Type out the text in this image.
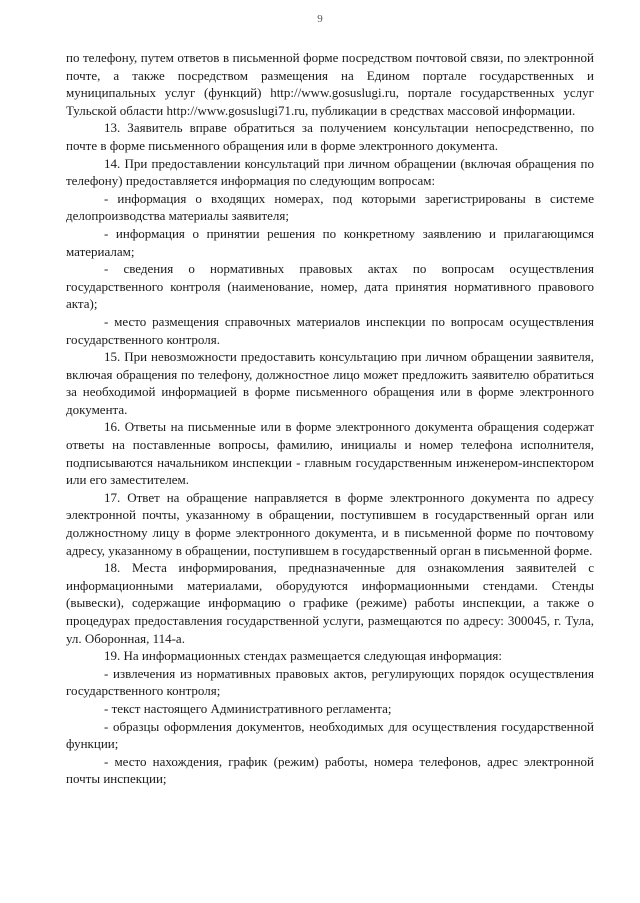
9

по телефону, путем ответов в письменной форме посредством почтовой связи, по электронной почте, а также посредством размещения на Едином портале государственных и муниципальных услуг (функций) http://www.gosuslugi.ru, портале государственных услуг Тульской области http://www.gosuslugi71.ru, публикации в средствах массовой информации.

13. Заявитель вправе обратиться за получением консультации непосредственно, по почте в форме письменного обращения или в форме электронного документа.

14. При предоставлении консультаций при личном обращении (включая обращения по телефону) предоставляется информация по следующим вопросам:

- информация о входящих номерах, под которыми зарегистрированы в системе делопроизводства материалы заявителя;

- информация о принятии решения по конкретному заявлению и прилагающимся материалам;

- сведения о нормативных правовых актах по вопросам осуществления государственного контроля (наименование, номер, дата принятия нормативного правового акта);

- место размещения справочных материалов инспекции по вопросам осуществления государственного контроля.

15. При невозможности предоставить консультацию при личном обращении заявителя, включая обращения по телефону, должностное лицо может предложить заявителю обратиться за необходимой информацией в форме письменного обращения или в форме электронного документа.

16. Ответы на письменные или в форме электронного документа обращения содержат ответы на поставленные вопросы, фамилию, инициалы и номер телефона исполнителя, подписываются начальником инспекции - главным государственным инженером-инспектором или его заместителем.

17. Ответ на обращение направляется в форме электронного документа по адресу электронной почты, указанному в обращении, поступившем в государственный орган или должностному лицу в форме электронного документа, и в письменной форме по почтовому адресу, указанному в обращении, поступившем в государственный орган в письменной форме.

18. Места информирования, предназначенные для ознакомления заявителей с информационными материалами, оборудуются информационными стендами. Стенды (вывески), содержащие информацию о графике (режиме) работы инспекции, а также о процедурах предоставления государственной услуги, размещаются по адресу: 300045, г. Тула, ул. Оборонная, 114-а.

19. На информационных стендах размещается следующая информация:

- извлечения из нормативных правовых актов, регулирующих порядок осуществления государственного контроля;

- текст настоящего Административного регламента;

- образцы оформления документов, необходимых для осуществления государственной функции;

- место нахождения, график (режим) работы, номера телефонов, адрес электронной почты инспекции;
